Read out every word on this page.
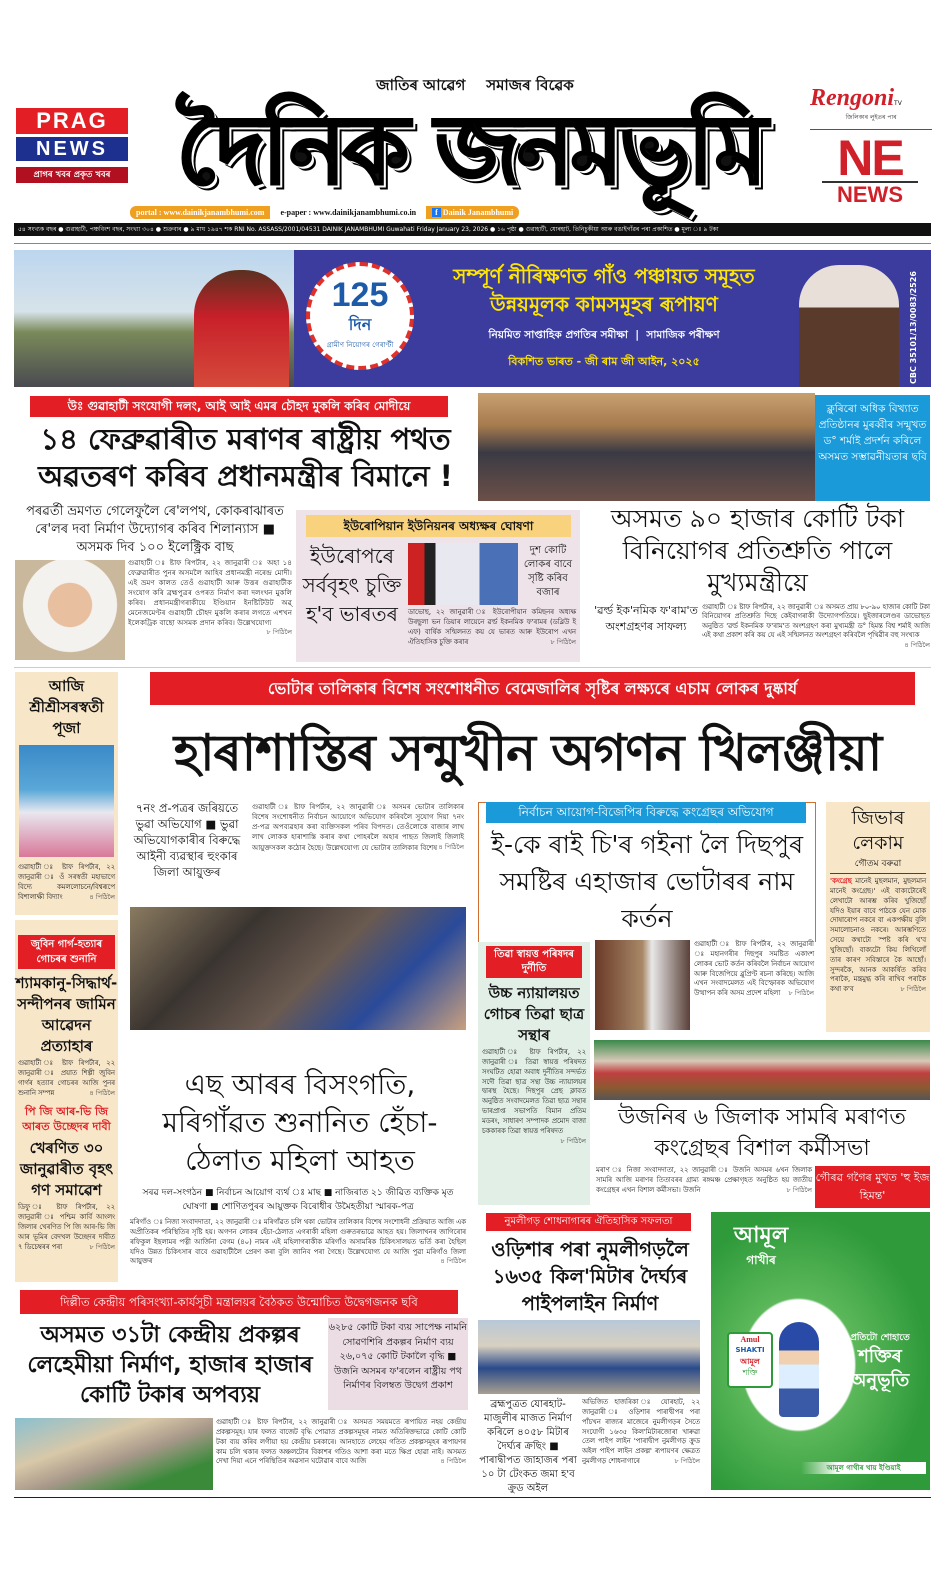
জাতিৰ আৱেগ সমাজৰ বিৱেক
দৈনিক জনমভূমি
PRAG
NEWS
প্ৰাগৰ খবৰ প্ৰকৃত খবৰ
RengoniTV
জিলিকাৰ লুইতৰ পাৰ
NE
NEWS
portal : www.dainikjanambhumi.com	e-paper : www.dainikjanambhumi.co.in	f Dainik Janambhumi
৫৪ সংখ্যক বছৰ ● গুৱাহাটী, পঞ্চবিংশ বছৰ, সংখ্যা ৩০৪ ● শুক্ৰবাৰ ● ৯ মাঘ ১৯৪৭ শক RNI No. ASSASS/2001/04531 DAINIK JANAMBHUMI Guwahati Friday January 23, 2026 ● ১৬ পৃষ্ঠা ● গুৱাহাটী, যোৰহাট, তিনিচুকীয়া আৰু বঙাইগাঁৱৰ পৰা প্ৰকাশিত ● মূল্য ঃ ৯ টকা
125
দিন
গ্ৰামীণ নিয়োগৰ গেৰাণ্টী
সম্পূৰ্ণ নীৰিক্ষণত গাঁও পঞ্চায়ত সমূহত
উন্নয়মূলক কামসমূহৰ ৰূপায়ণ
নিয়মিত সাপ্তাহিক প্ৰগতিৰ সমীক্ষা  |  সামাজিক পৰীক্ষণ
বিকশিত ভাৰত - জী ৰাম জী আইন, ২০২৫	CBC 35101/13/0083/2526
উঃ গুৱাহাটী সংযোগী দলং, আই আই এমৰ চৌহদ মুকলি কৰিব মোদীয়ে
১৪ ফেব্ৰুৱাৰীত মৰাণৰ ৰাষ্ট্ৰীয় পথত অৱতৰণ কৰিব প্ৰধানমন্ত্ৰীৰ বিমানে !
পৰৱৰ্তী ভ্ৰমণত গেলেফুলৈ ৰে'লপথ, কোকৰাঝাৰত ৰে'লৰ দবা নিৰ্মাণ উদ্যোগৰ কৰিব শিলান্যাস ■ অসমক দিব ১০০ ইলেক্ট্ৰিক বাছ
গুৱাহাটী ঃ ষ্টাফ ৰিপৰ্টাৰ, ২২ জানুৱাৰী ঃ অহা ১৪ ফেব্ৰুৱাৰীত পুনৰ অসমলৈ আহিব প্ৰধানমন্ত্ৰী নৰেন্দ্ৰ মোদী। এই ভ্ৰমণ কালত তেওঁ গুৱাহাটী আৰু উত্তৰ গুৱাহাটীক সংযোগ কৰি ব্ৰহ্মপুত্ৰৰ ওপৰত নিৰ্মাণ কৰা দলংখন মুকলি কৰিব। প্ৰধানমন্ত্ৰীগৰাকীয়ে ইণ্ডিয়ান ইনষ্টিটিউট অৱ্ মেনেজমেণ্টৰ গুৱাহাটী চৌহদ মুকলি কৰাৰ লগতে এশখন ইলেকট্ৰিক বাছো অসমক প্ৰদান কৰিব। উল্লেখযোগ্য
৮ পিঠিলৈ
ইউৰোপিয়ান ইউনিয়নৰ অধ্যক্ষৰ ঘোষণা
ইউৰোপৰে সৰ্ববৃহৎ চুক্তি হ'ব ভাৰতৰ
দুশ কোটি লোকৰ বাবে সৃষ্টি কৰিব বজাৰ
ডাভোছ, ২২ জানুৱাৰী ঃ ইউৰোপীয়ান কমিছনৰ অধ্যক্ষ উৰছুলা ভন ডিয়াৰ লায়েনে ৱৰ্ল্ড ইকনমিক ফ'ৰামৰ (ডব্লিউ ই এফ) বাৰ্ষিক সন্মিলনত কয় যে ভাৰত আৰু ইউৰোপ এখন ঐতিহাসিক চুক্তি কৰাৰ	৮ পিঠিলৈ
ক্লুৰিৰো অধিক বিখ্যাত প্ৰতিষ্ঠানৰ মুৰব্বীৰ সন্মুখত ড° শৰ্মাই প্ৰদৰ্শন কৰিলে অসমত সম্ভাৱনীয়তাৰ ছবি
অসমত ৯০ হাজাৰ কোটি টকা বিনিয়োগৰ প্ৰতিশ্ৰুতি পালে মুখ্যমন্ত্ৰীয়ে
'ৱৰ্ল্ড ইক'নমিক ফ'ৰাম'ত অংশগ্ৰহণৰ সাফল্য
গুৱাহাটী ঃ ষ্টাফ ৰিপৰ্টাৰ, ২২ জানুৱাৰী ঃ অসমত প্ৰায় ৮০-৯০ হাজাৰ কোটি টকা বিনিয়োগৰ প্ৰতিশ্ৰুতি দিছে কেইবাগৰাকী উদ্যোগপতিয়ে। ছুইজাৰলেণ্ডৰ ডাভোছত অনুষ্ঠিত 'ৱৰ্ল্ড ইকনমিক ফ'ৰাম'ত অংশগ্ৰহণ কৰা মুখ্যমন্ত্ৰী ড° হিমন্ত বিশ্ব শৰ্মাই আজি এই কথা প্ৰকাশ কৰি কয় যে এই সন্মিলনত অংশগ্ৰহণ কৰিবলৈ পৃথিৱীৰ বহু সংখ্যক
৪ পিঠিলৈ
আজি শ্ৰীশ্ৰীসৰস্বতী পূজা
গুৱাহাটী ঃ ষ্টাফ ৰিপৰ্টাৰ, ২২ জানুৱাৰী ঃ ওঁ সৰস্বতী মহাভাগে বিদ্যে কমললোচনে/বিশ্বৰূপে বিশালাক্ষী বিদ্যাং	৪ পিঠিলৈ
জুবিন গাৰ্গ-হত্যাৰ গোচৰৰ শুনানি
শ্যামকানু-সিদ্ধাৰ্থ-সন্দীপনৰ জামিন আৱেদন প্ৰত্যাহাৰ
গুৱাহাটী ঃ ষ্টাফ ৰিপৰ্টাৰ, ২২ জানুৱাৰী ঃ প্ৰয়াত শিল্পী জুবিন গাৰ্গৰ হত্যাৰ গোচৰৰ আজি পুনৰ শুনানি সম্পন্ন	৪ পিঠিলৈ
পি জি আৰ-ভি জি আৰত উচ্ছেদৰ দাবী
খেৰণিত ৩০ জানুৱাৰীত বৃহৎ গণ সমাৱেশ
ডিফু ঃ ষ্টাফ ৰিপৰ্টাৰ, ২২ জানুৱাৰী ঃ পশ্চিম কাৰ্বি আংলং জিলাৰ খেৰণিত পি জি আৰ-ভি জি আৰ ভূমিৰ বেদখল উচ্ছেদৰ দাবীত ৭ ডিচেম্বৰৰ পৰা	৮ পিঠিলৈ
ভোটাৰ তালিকাৰ বিশেষ সংশোধনীত বেমেজালিৰ সৃষ্টিৰ লক্ষ্যৰে এচাম লোকৰ দুষ্কাৰ্য
হাৰাশাস্তিৰ সন্মুখীন অগণন খিলঞ্জীয়া
৭নং প্ৰ-পত্ৰৰ জৰিয়তে ভুৱা অভিযোগ ■ ভুৱা অভিযোগকাৰীৰ বিৰুদ্ধে আইনী ব্যৱস্থাৰ হুংকাৰ জিলা আয়ুক্তৰ
গুৱাহাটী ঃ ষ্টাফ ৰিপৰ্টাৰ, ২২ জানুৱাৰী ঃ অসমৰ ভোটাৰ তালিকাৰ বিশেষ সংশোধনীত নিৰ্বাচন আয়োগে অভিযোগ কৰিবলৈ সুযোগ দিয়া ৭নং প্ৰ-পত্ৰ অপব্যৱহাৰ কৰা ব্যক্তিসকল পৰিব বিপদত। তেওঁলোকে বাজাৰ লাখ লাখ লোকক হাৰাশাস্তি কৰাৰ কথা পোহৰলৈ অহাৰ পাছত জিলাই জিলাই আয়ুক্তসকল কঠোৰ হৈছে। উল্লেখযোগ্য যে ভোটাৰ তালিকাৰ বিশেষ ৪ পিঠিলৈ
এছ আৰৰ বিসংগতি, মৰিগাঁৱত শুনানিত হেঁচা-ঠেলাত মহিলা আহত
সৰৱ দল-সংগঠন ■ নিৰ্বাচন আয়োগ ব্যৰ্থ ঃ মাছ ■ নাজিৰাত ২১ জীৱিত ব্যক্তিক মৃত ঘোষণা ■ শোণিতপুৰৰ আয়ুক্তক বিৰোধীৰ উমৈহতীয়া স্মাৰক-পত্ৰ
মৰিগাঁও ঃ নিজা সংবাদদাতা, ২২ জানুৱাৰী ঃ মৰিগাঁৱত চলি থকা ভোটাৰ তালিকাৰ বিশেষ সংশোধনী প্ৰক্ৰিয়াত আজি এক অপ্ৰীতিকৰ পৰিস্থিতিৰ সৃষ্টি হয়। অগণন লোকৰ হেঁচা-ঠেলাত এগৰাকী মহিলা গুৰুতৰভাৱে আহত হয়। জিলাখনৰ জাগিৰোৰ ৰফিকুল ইছলামৰ পত্নী আৰ্জিনা বেগম (৪০) নামৰ এই মহিলাগৰাকীক মৰিগাঁও অসামৰিক চিকিৎসালয়ত ভৰ্তি কৰা হৈছিল যদিও উন্নত চিকিৎসাৰ বাবে গুৱাহাটীলৈ প্ৰেৰণ কৰা বুলি জানিব পৰা গৈছে। উল্লেখযোগ্য যে আজি পুৱা মৰিগাঁও জিলা আয়ুক্তৰ	৪ পিঠিলৈ
নিৰ্বাচন আয়োগ-বিজেপিৰ বিৰুদ্ধে কংগ্ৰেছৰ অভিযোগ
ই-কে ৰাই চি'ৰ গইনা লৈ দিছপুৰ সমষ্টিৰ এহাজাৰ ভোটাৰৰ নাম কৰ্তন
গুৱাহাটী ঃ ষ্টাফ ৰিপৰ্টাৰ, ২২ জানুৱাৰী ঃ মহানগৰীৰ দিছপুৰ সমষ্টিত একাংশ লোকৰ ভোট কৰ্তন কৰিবলৈ নিৰ্বাচন আয়োগ আৰু বিজেপিয়ে ব্লুপ্ৰিণ্ট ৰচনা কৰিছে। আজি এখন সংবাদমেলত এই বিস্ফোৰক অভিযোগ উত্থাপন কৰি অসম প্ৰদেশ মহিলা ৮ পিঠিলৈ
জিভাৰ লেকাম
গৌতম বৰুৱা
'কংগ্ৰেছ মানেই মুছলমান, মুছলমান মানেই কংগ্ৰেছ।' এই বাক্যটোৰেই লেখাটো আৰম্ভ কৰিব খুজিছোঁ যদিও ইয়াৰ বাবে পাঠকে যেন মোক দোষাৰোপ নকৰে বা একপক্ষীয় বুলি সমালোচনাও নকৰে। আৰম্ভণিতে সেয়ে কথাটো স্পষ্ট কৰি থ'ব খুজিছোঁ। বাক্যটো কিয় লিখিলোঁ তাৰ কাৰণ সবিস্তাৰে কৈ আছোঁ। সুন্দৰকৈ, আনক আকৰ্ষিত কৰিব পৰাকৈ, মন্ত্ৰমুগ্ধ কৰি ৰাখিব পৰাকৈ কথা ক'ব	৮ পিঠিলৈ
তিৱা স্বায়ত্ত পৰিষদৰ দুৰ্নীতি
উচ্চ ন্যায়ালয়ত গোচৰ তিৱা ছাত্ৰ সন্থাৰ
গুৱাহাটী ঃ ষ্টাফ ৰিপৰ্টাৰ, ২২ জানুৱাৰী ঃ তিৱা স্বায়ত্ত পৰিষদত সংঘটিত হোৱা অবাধ দুৰ্নীতিৰ সন্দৰ্ভত সদৌ তিৱা ছাত্ৰ সন্থা উচ্চ ন্যায়ালয়ৰ দ্বাৰস্থ হৈছে। দিছপুৰ প্ৰেছ ক্লাবত অনুষ্ঠিত সংবাদমেলত তিৱা ছাত্ৰ সন্থাৰ ভাৰপ্ৰাপ্ত সভাপতি বিমান প্ৰতিম মডৰং, সাধাৰণ সম্পাদক প্ৰমোদ বাজা চককাৰক তিৱা স্বায়ত্ত পৰিষদত
৮ পিঠিলৈ
উজনিৰ ৬ জিলাক সামৰি মৰাণত কংগ্ৰেছৰ বিশাল কৰ্মীসভা
মৰাণ ঃ নিজা সংবাদদাতা, ২২ জানুৱাৰী ঃ উজনি অসমৰ ৬খন জিলাক সামৰি আজি মৰাণৰ তিতাবৰৰ গ্ৰাম্য ৰঙ্গমঞ্চ প্ৰেক্ষাগৃহত অনুষ্ঠিত হয় জাতীয় কংগ্ৰেছৰ এখন বিশাল কৰ্মীসভা। উজনি	৮ পিঠিলৈ
গৌৰৱ গগৈৰ মুখত 'হু ইজ হিমন্ত'
নুমলীগড় শোধনাগাৰৰ ঐতিহাসিক সফলতা
ওড়িশাৰ পৰা নুমলীগড়লৈ ১৬৩৫ কিল'মিটাৰ দৈৰ্ঘ্যৰ পাইপলাইন নিৰ্মাণ
ব্ৰহ্মপুত্ৰত যোৰহাট-মাজুলীৰ মাজত নিৰ্মাণ কৰিলে ৪০৫৮ মিটাৰ দৈৰ্ঘ্যৰ ক্ৰছিং ■ পাৰাদ্বীপত জাহাজৰ পৰা ১০ টা টেংকত জমা হ'ব ক্ৰুড অইল
অভিজিত হাজৰিকা ঃ যোৰহাট, ২২ জানুৱাৰী ঃ ওড়িশাৰ পাৰাদ্বীপৰ পৰা পাঁচখন ৰাজ্যৰ মাজেৰে নুমলীগড়ৰ সৈতে সংযোগী ১৬৩৫ কিল'মিটাৰজোৰা খাৰুৱা তেল পাইপ লাইন 'পাৰাদ্বীপ নুমলীগড় ক্ৰুড অইল পাইপ লাইন প্ৰকল্প' ৰূপায়ণৰ ক্ষেত্ৰত নুমলীগড় শোধনাগাৰে	৮ পিঠিলৈ
আমূল
গাখীৰ
Amul
SHAKTI
আমূল
শক্তি
প্ৰতিটো শোহাতে
শক্তিৰ
অনুভূতি
আমূল গাখীৰ খায় ইণ্ডিয়াই
দিল্লীত কেন্দ্ৰীয় পৰিসংখ্যা-কাৰ্যসূচী মন্ত্ৰালয়ৰ বৈঠকত উন্মোচিত উদ্বেগজনক ছবি
অসমত ৩১টা কেন্দ্ৰীয় প্ৰকল্পৰ লেহেমীয়া নিৰ্মাণ, হাজাৰ হাজাৰ কোটি টকাৰ অপব্যয়
৬২৮৫ কোটি টকা ব্যয় সাপেক্ষ নামনি সোৱণশিৰি প্ৰকল্পৰ নিৰ্মাণ ব্যয় ২৬,০৭৫ কোটি টকালৈ বৃদ্ধি ■ উজনি অসমৰ ফ'ৰলেন ৰাষ্ট্ৰীয় পথ নিৰ্মাণৰ বিলম্বত উদ্বেগ প্ৰকাশ
গুৱাহাটী ঃ ষ্টাফ ৰিপৰ্টাৰ, ২২ জানুৱাৰী ঃ অসমত সময়মতে ৰূপায়িত নহয় কেন্দ্ৰীয় প্ৰকল্পসমূহ। যাৰ ফলত বাজেট বৃদ্ধি পোৱাত প্ৰকল্পসমূহৰ নামত অতিৰিক্তভাৱে কোটি কোটি টকা ব্যয় কৰিব লগীয়া হয় কেন্দ্ৰীয় চৰকাৰে। আনহাতে লেহেম গতিত প্ৰকল্পসমূহৰ ৰূপায়ণৰ কাম চলি থকাৰ ফলত অঞ্চলটোৰ বিকাশৰ গতিও আশা কৰা মতে ক্ষিপ্ৰ হোৱা নাই। অসমত দেখা দিয়া এনে পৰিস্থিতিৰ অৱসান ঘটোৱাৰ বাবে আজি	৪ পিঠিলৈ
